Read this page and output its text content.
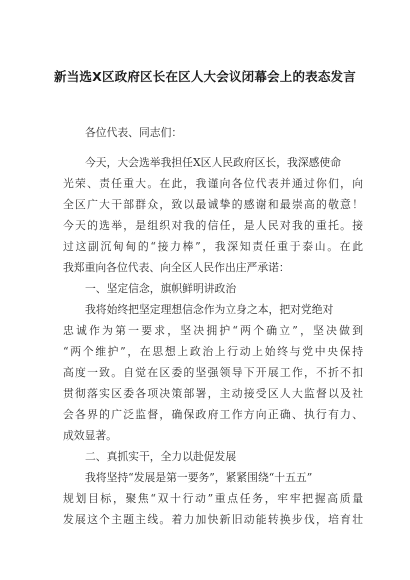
新当选X区政府区长在区人大会议闭幕会上的表态发言
各位代表、同志们：
今天，大会选举我担任X区人民政府区长，我深感使命
光荣、责任重大。在此，我谨向各位代表并通过你们，向
全区广大干部群众，致以最诚挚的感谢和最崇高的敬意！
今天的选举，是组织对我的信任，是人民对我的重托。接
过这副沉甸甸的“接力棒”，我深知责任重于泰山。在此
我郑重向各位代表、向全区人民作出庄严承诺：
一、坚定信念，旗帜鲜明讲政治
我将始终把坚定理想信念作为立身之本，把对党绝对
忠诚作为第一要求，坚决拥护“两个确立”，坚决做到
“两个维护”，在思想上政治上行动上始终与党中央保持
高度一致。自觉在区委的坚强领导下开展工作，不折不扣
贯彻落实区委各项决策部署，主动接受区人大监督以及社
会各界的广泛监督，确保政府工作方向正确、执行有力、
成效显著。
二、真抓实干，全力以赴促发展
我将坚持“发展是第一要务”，紧紧围绕“十五五”
规划目标，聚焦“双十行动”重点任务，牢牢把握高质量
发展这个主题主线。着力加快新旧动能转换步伐，培育壮
